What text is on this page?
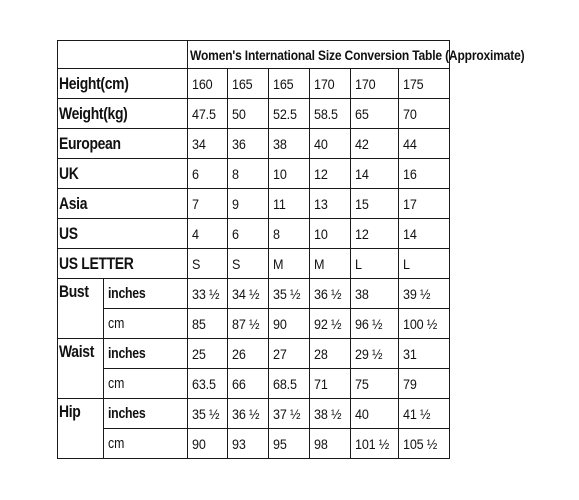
		Women's International Size Conversion Table (Approximate)					
Height(cm)		160	165	165	170	170	175
Weight(kg)		47.5	50	52.5	58.5	65	70
European		34	36	38	40	42	44
UK		6	8	10	12	14	16
Asia		7	9	11	13	15	17
US		4	6	8	10	12	14
US LETTER		S	S	M	M	L	L
Bust	inches	33 ½	34 ½	35 ½	36 ½	38	39 ½
	cm	85	87 ½	90	92 ½	96 ½	100 ½
Waist	inches	25	26	27	28	29 ½	31
	cm	63.5	66	68.5	71	75	79
Hip	inches	35 ½	36 ½	37 ½	38 ½	40	41 ½
	cm	90	93	95	98	101 ½	105 ½
